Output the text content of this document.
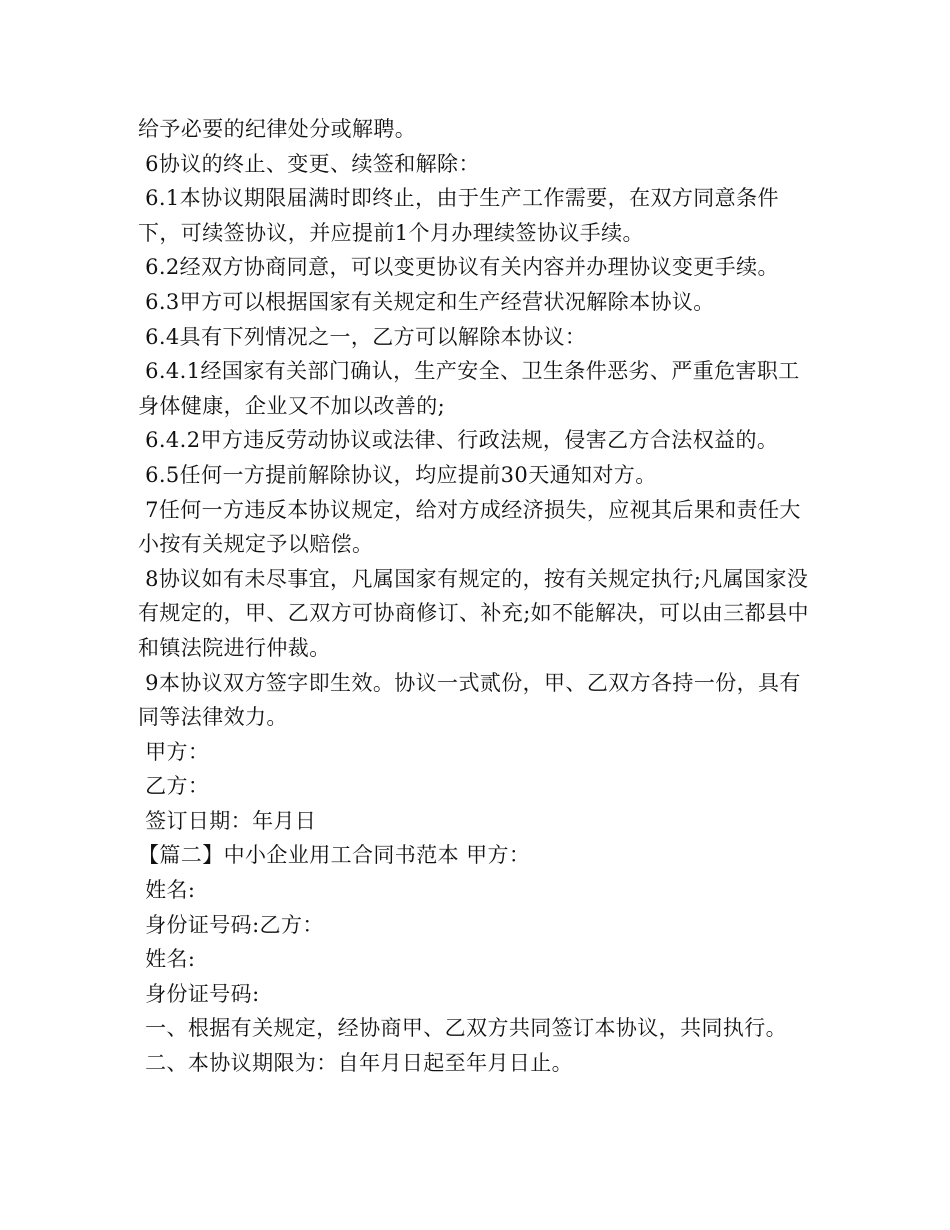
给予必要的纪律处分或解聘。

6协议的终止、变更、续签和解除：

6.1本协议期限届满时即终止，由于生产工作需要，在双方同意条件下，可续签协议，并应提前1个月办理续签协议手续。

6.2经双方协商同意，可以变更协议有关内容并办理协议变更手续。

6.3甲方可以根据国家有关规定和生产经营状况解除本协议。

6.4具有下列情况之一，乙方可以解除本协议：

6.4.1经国家有关部门确认，生产安全、卫生条件恶劣、严重危害职工身体健康，企业又不加以改善的;

6.4.2甲方违反劳动协议或法律、行政法规，侵害乙方合法权益的。

6.5任何一方提前解除协议，均应提前30天通知对方。

7任何一方违反本协议规定，给对方成经济损失，应视其后果和责任大小按有关规定予以赔偿。

8协议如有未尽事宜，凡属国家有规定的，按有关规定执行;凡属国家没有规定的，甲、乙双方可协商修订、补充;如不能解决，可以由三都县中和镇法院进行仲裁。

9本协议双方签字即生效。协议一式贰份，甲、乙双方各持一份，具有同等法律效力。

甲方：

乙方：

签订日期：年月日

【篇二】中小企业用工合同书范本 甲方：

姓名:

身份证号码:乙方：

姓名:

身份证号码:

一、根据有关规定，经协商甲、乙双方共同签订本协议，共同执行。

二、本协议期限为：自年月日起至年月日止。
